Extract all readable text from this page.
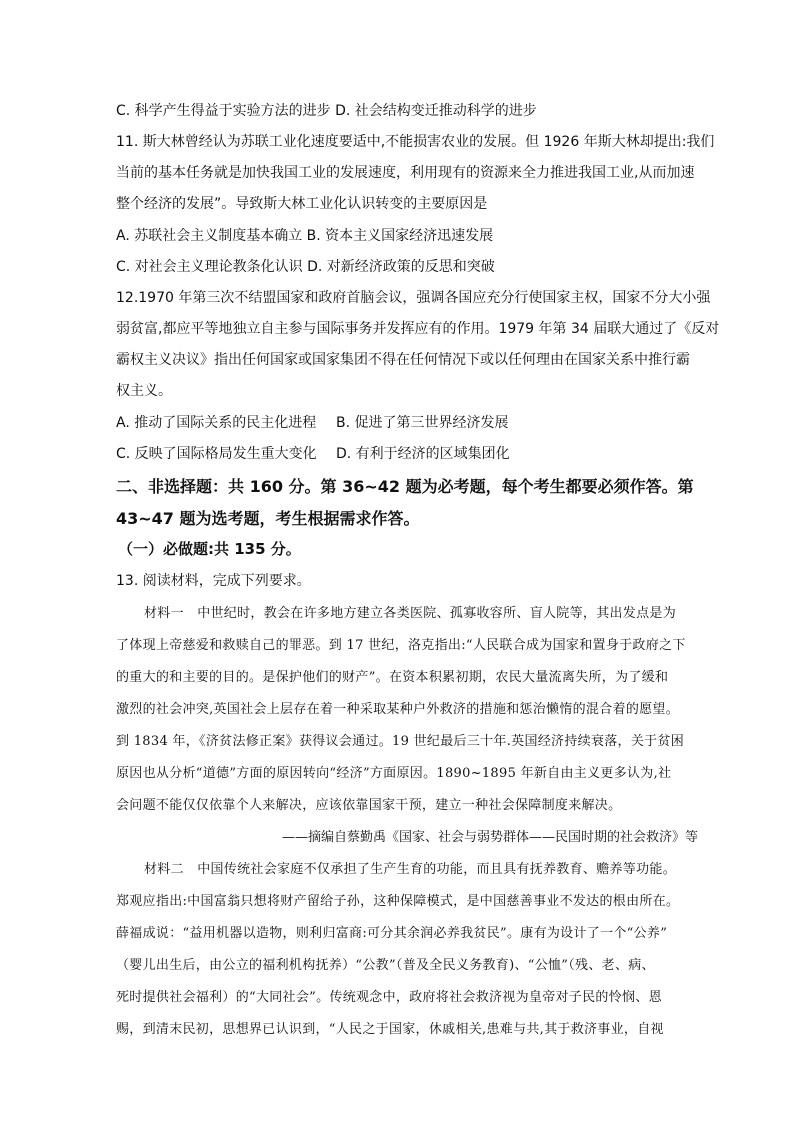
C. 科学产生得益于实验方法的进步 D. 社会结构变迁推动科学的进步
11. 斯大林曾经认为苏联工业化速度要适中,不能损害农业的发展。但 1926 年斯大林却提出:我们
当前的基本任务就是加快我国工业的发展速度，利用现有的资源来全力推进我国工业,从而加速
整个经济的发展”。导致斯大林工业化认识转变的主要原因是
A. 苏联社会主义制度基本确立 B. 资本主义国家经济迅速发展
C. 对社会主义理论教条化认识 D. 对新经济政策的反思和突破
12.1970 年第三次不结盟国家和政府首脑会议，强调各国应充分行使国家主权，国家不分大小强
弱贫富,都应平等地独立自主参与国际事务并发挥应有的作用。1979 年第 34 届联大通过了《反对
霸权主义决议》指出任何国家或国家集团不得在任何情况下或以任何理由在国家关系中推行霸
权主义。
A. 推动了国际关系的民主化进程 B. 促进了第三世界经济发展
C. 反映了国际格局发生重大变化 D. 有利于经济的区域集团化
二、非选择题：共 160 分。第 36~42 题为必考题，每个考生都要必须作答。第
43~47 题为选考题，考生根据需求作答。
（一）必做题:共 135 分。
13. 阅读材料，完成下列要求。
材料一　中世纪时，教会在许多地方建立各类医院、孤寡收容所、盲人院等，其出发点是为
了体现上帝慈爱和救赎自己的罪恶。到 17 世纪，洛克指出:“人民联合成为国家和置身于政府之下
的重大的和主要的目的。是保护他们的财产”。在资本积累初期，农民大量流离失所，为了缓和
激烈的社会冲突,英国社会上层存在着一种采取某种户外救济的措施和惩治懒惰的混合着的愿望。
到 1834 年，《济贫法修正案》获得议会通过。19 世纪最后三十年.英国经济持续衰落，关于贫困
原因也从分析“道德”方面的原因转向“经济”方面原因。1890~1895 年新自由主义更多认为,社
会问题不能仅仅依靠个人来解决，应该依靠国家干预，建立一种社会保障制度来解决。
——摘编自蔡勤禹《国家、社会与弱势群体——民国时期的社会救济》等
材料二　中国传统社会家庭不仅承担了生产生育的功能，而且具有抚养教育、赡养等功能。
郑观应指出:中国富翁只想将财产留给子孙，这种保障模式，是中国慈善事业不发达的根由所在。
薛福成说：“益用机器以造物，则利归富商:可分其余润必养我贫民”。康有为设计了一个“公养”
（婴儿出生后，由公立的福利机构抚养）“公教”（普及全民义务教育)、“公恤”（残、老、病、
死时提供社会福利）的“大同社会”。传统观念中，政府将社会救济视为皇帝对子民的怜悯、恩
赐，到清末民初，思想界已认识到，“人民之于国家，休戚相关,患难与共,其于救济事业，自视
